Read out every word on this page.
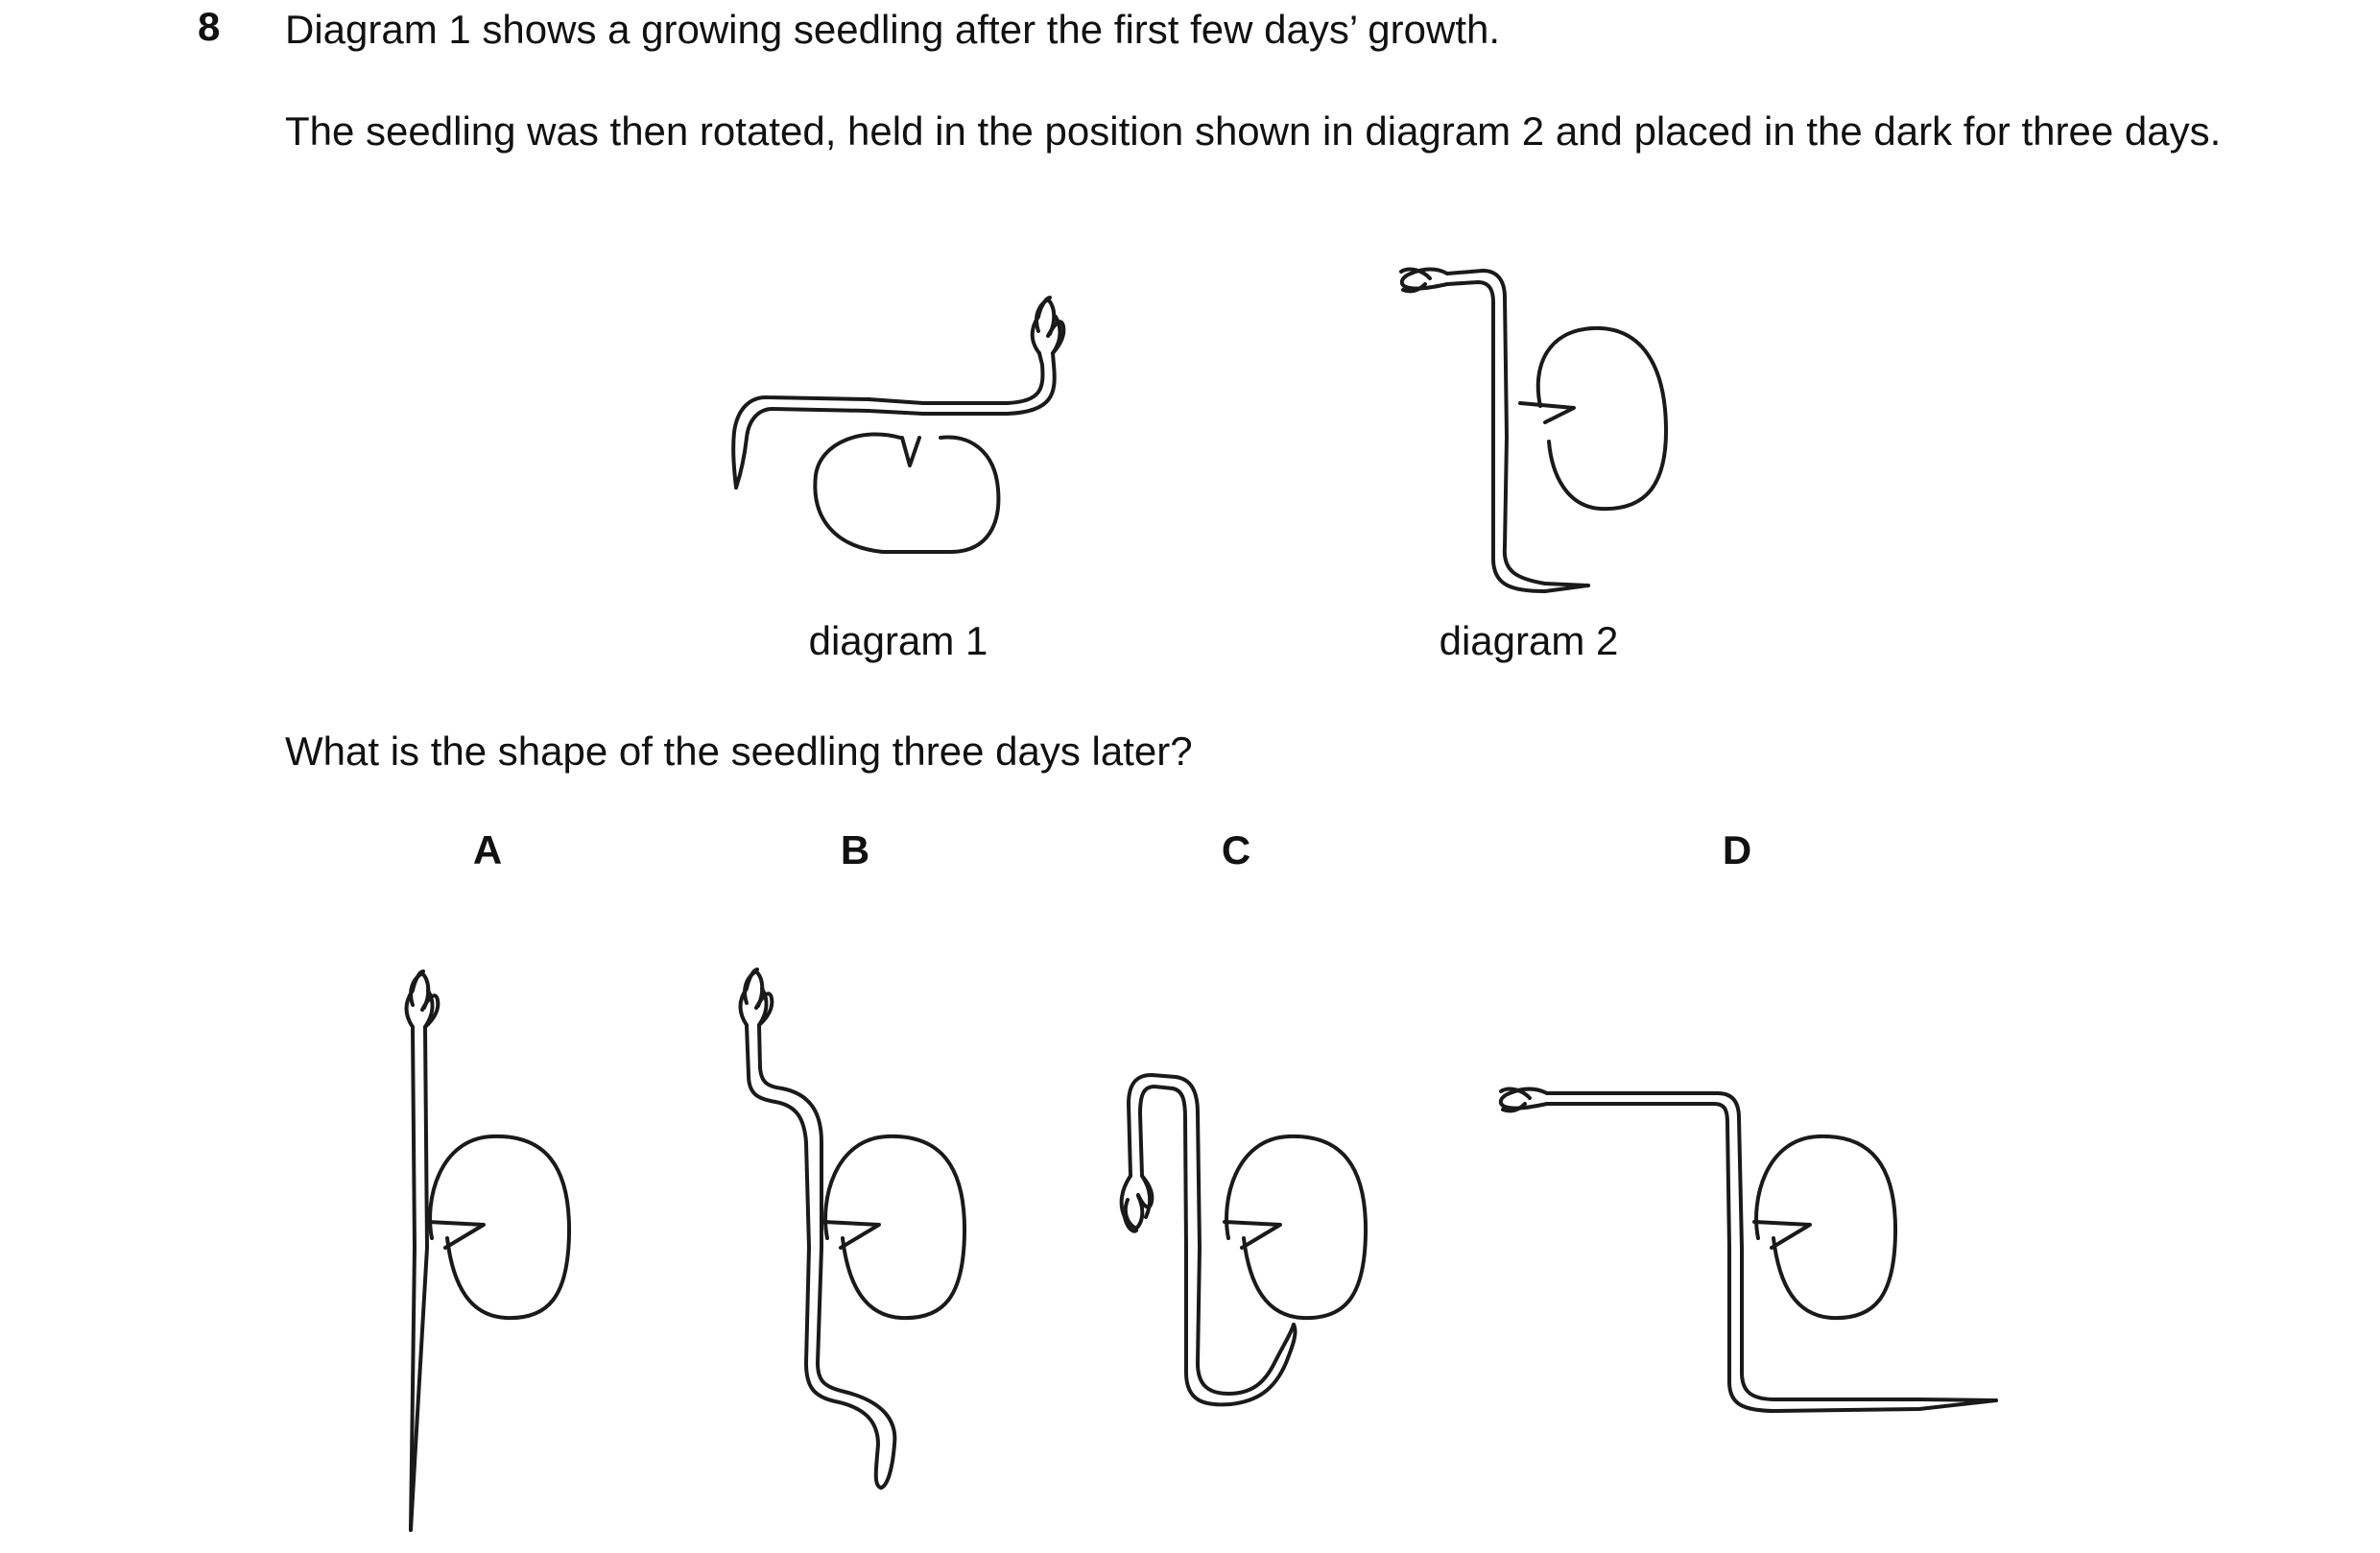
8 Diagram 1 shows a growing seedling after the first few days’ growth.
The seedling was then rotated, held in the position shown in diagram 2 and placed in the dark for three days.
What is the shape of the seedling three days later?
diagram 1	diagram 2
A	B	C	D
